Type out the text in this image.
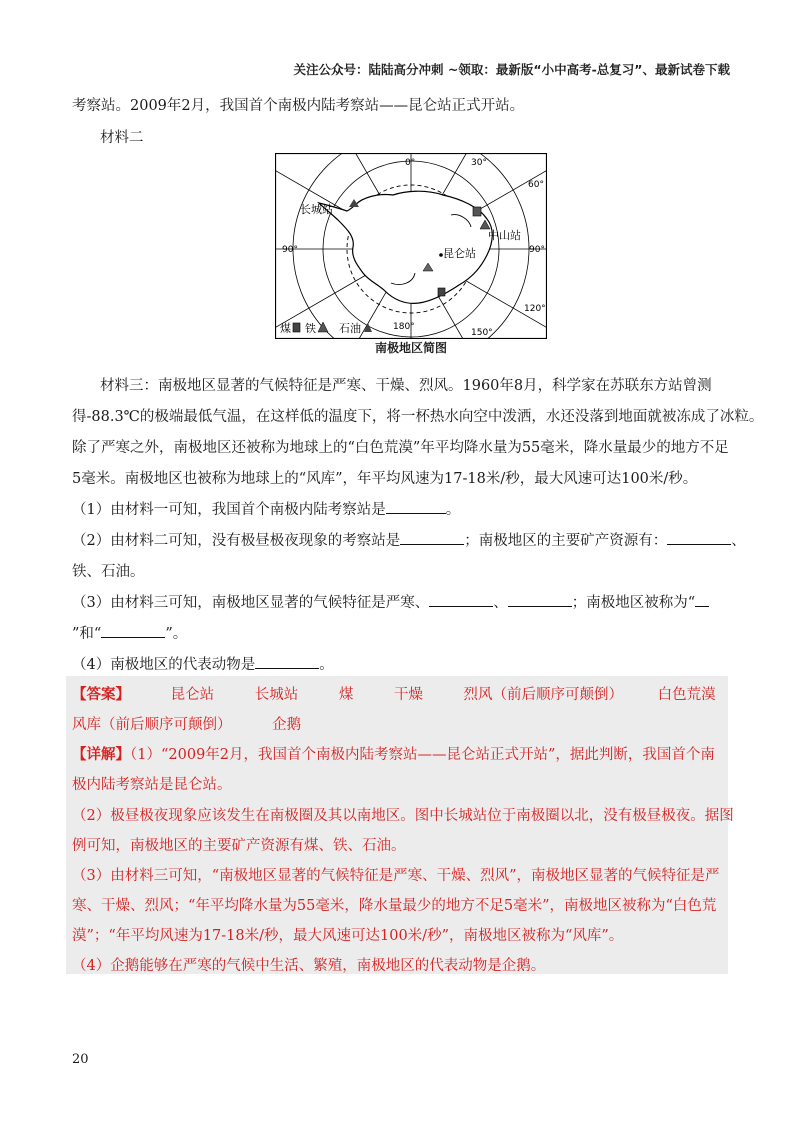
关注公众号：陆陆高分冲刺 ~领取：最新版“小中高考-总复习”、最新试卷下载
考察站。2009年2月，我国首个南极内陆考察站——昆仑站正式开站。
材料二
0°	30°
60°
90°	90°
120°
150°
180°
长城站
中山站
昆仑站
煤 铁 石油
南极地区简图
材料三：南极地区显著的气候特征是严寒、干燥、烈风。1960年8月，科学家在苏联东方站曾测
得-88.3℃的极端最低气温，在这样低的温度下，将一杯热水向空中泼洒，水还没落到地面就被冻成了冰粒。
除了严寒之外，南极地区还被称为地球上的“白色荒漠”年平均降水量为55毫米，降水量最少的地方不足
5毫米。南极地区也被称为地球上的“风库”，年平均风速为17-18米/秒，最大风速可达100米/秒。
（1）由材料一可知，我国首个南极内陆考察站是	。
（2）由材料二可知，没有极昼极夜现象的考察站是	；南极地区的主要矿产资源有：	、
铁、石油。
（3）由材料三可知，南极地区显著的气候特征是严寒、	、	；南极地区被称为“
”和“	”。
（4）南极地区的代表动物是	。
【答案】	昆仑站	长城站	煤	干燥	烈风（前后顺序可颠倒） 白色荒漠
风库（前后顺序可颠倒）	企鹅
【详解】（1）“2009年2月，我国首个南极内陆考察站——昆仑站正式开站”，据此判断，我国首个南
极内陆考察站是昆仑站。
（2）极昼极夜现象应该发生在南极圈及其以南地区。图中长城站位于南极圈以北，没有极昼极夜。据图
例可知，南极地区的主要矿产资源有煤、铁、石油。
（3）由材料三可知，“南极地区显著的气候特征是严寒、干燥、烈风”，南极地区显著的气候特征是严
寒、干燥、烈风；“年平均降水量为55毫米，降水量最少的地方不足5毫米”，南极地区被称为“白色荒
漠”；“年平均风速为17-18米/秒，最大风速可达100米/秒”，南极地区被称为“风库”。
（4）企鹅能够在严寒的气候中生活、繁殖，南极地区的代表动物是企鹅。
20
